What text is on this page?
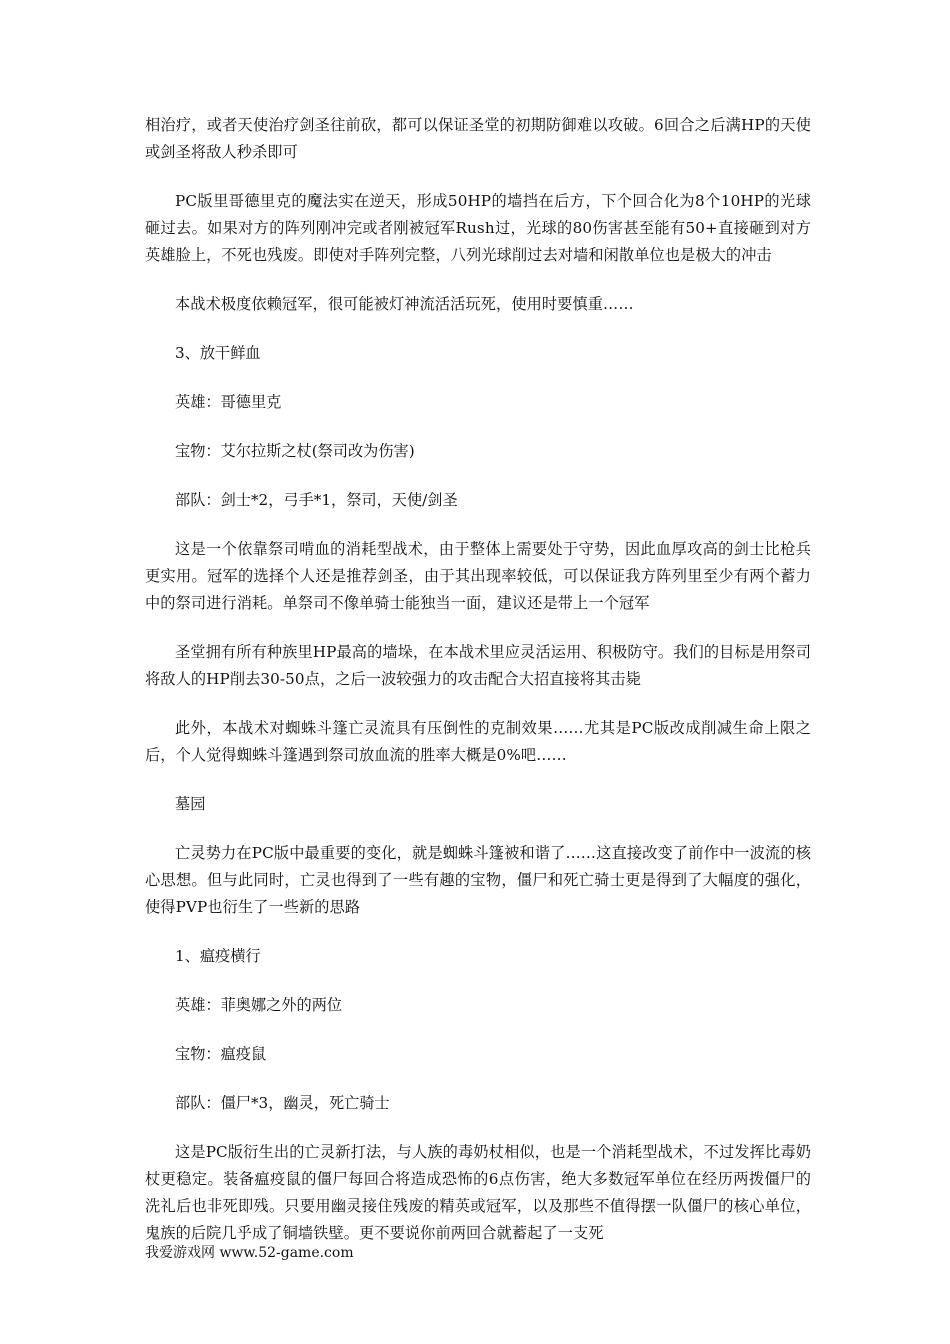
相治疗，或者天使治疗剑圣往前砍，都可以保证圣堂的初期防御难以攻破。6回合之后满HP的天使或剑圣将敌人秒杀即可

PC版里哥德里克的魔法实在逆天，形成50HP的墙挡在后方，下个回合化为8个10HP的光球砸过去。如果对方的阵列刚冲完或者刚被冠军Rush过，光球的80伤害甚至能有50+直接砸到对方英雄脸上，不死也残废。即使对手阵列完整，八列光球削过去对墙和闲散单位也是极大的冲击

本战术极度依赖冠军，很可能被灯神流活活玩死，使用时要慎重……

3、放干鲜血

英雄：哥德里克

宝物：艾尔拉斯之杖(祭司改为伤害)

部队：剑士*2，弓手*1，祭司，天使/剑圣

这是一个依靠祭司啃血的消耗型战术，由于整体上需要处于守势，因此血厚攻高的剑士比枪兵更实用。冠军的选择个人还是推荐剑圣，由于其出现率较低，可以保证我方阵列里至少有两个蓄力中的祭司进行消耗。单祭司不像单骑士能独当一面，建议还是带上一个冠军

圣堂拥有所有种族里HP最高的墙垛，在本战术里应灵活运用、积极防守。我们的目标是用祭司将敌人的HP削去30-50点，之后一波较强力的攻击配合大招直接将其击毙

此外，本战术对蜘蛛斗篷亡灵流具有压倒性的克制效果……尤其是PC版改成削减生命上限之后，个人觉得蜘蛛斗篷遇到祭司放血流的胜率大概是0%吧……

墓园

亡灵势力在PC版中最重要的变化，就是蜘蛛斗篷被和谐了……这直接改变了前作中一波流的核心思想。但与此同时，亡灵也得到了一些有趣的宝物，僵尸和死亡骑士更是得到了大幅度的强化，使得PVP也衍生了一些新的思路

1、瘟疫横行

英雄：菲奥娜之外的两位

宝物：瘟疫鼠

部队：僵尸*3，幽灵，死亡骑士

这是PC版衍生出的亡灵新打法，与人族的毒奶杖相似，也是一个消耗型战术，不过发挥比毒奶杖更稳定。装备瘟疫鼠的僵尸每回合将造成恐怖的6点伤害，绝大多数冠军单位在经历两拨僵尸的洗礼后也非死即残。只要用幽灵接住残废的精英或冠军，以及那些不值得摆一队僵尸的核心单位，鬼族的后院几乎成了铜墙铁壁。更不要说你前两回合就蓄起了一支死

我爱游戏网 www.52-game.com
